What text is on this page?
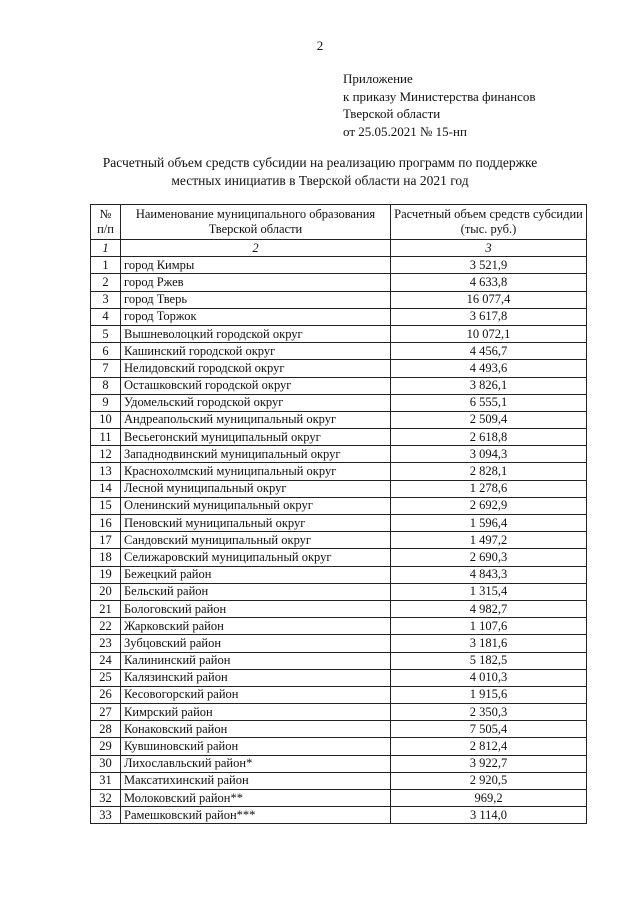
2
Приложение
к приказу Министерства финансов
Тверской области
от 25.05.2021 № 15-нп
Расчетный объем средств субсидии на реализацию программ по поддержке
местных инициатив в Тверской области на 2021 год
№ п/п	Наименование муниципального образования Тверской области	Расчетный объем средств субсидии (тыс. руб.)
1	2	3
1	город Кимры	3 521,9
2	город Ржев	4 633,8
3	город Тверь	16 077,4
4	город Торжок	3 617,8
5	Вышневолоцкий городской округ	10 072,1
6	Кашинский городской округ	4 456,7
7	Нелидовский городской округ	4 493,6
8	Осташковский городской округ	3 826,1
9	Удомельский городской округ	6 555,1
10	Андреапольский муниципальный округ	2 509,4
11	Весьегонский муниципальный округ	2 618,8
12	Западнодвинский муниципальный округ	3 094,3
13	Краснохолмский муниципальный округ	2 828,1
14	Лесной муниципальный округ	1 278,6
15	Оленинский муниципальный округ	2 692,9
16	Пеновский муниципальный округ	1 596,4
17	Сандовский муниципальный округ	1 497,2
18	Селижаровский муниципальный округ	2 690,3
19	Бежецкий район	4 843,3
20	Бельский район	1 315,4
21	Бологовский район	4 982,7
22	Жарковский район	1 107,6
23	Зубцовский район	3 181,6
24	Калининский район	5 182,5
25	Калязинский район	4 010,3
26	Кесовогорский район	1 915,6
27	Кимрский район	2 350,3
28	Конаковский район	7 505,4
29	Кувшиновский район	2 812,4
30	Лихославльский район*	3 922,7
31	Максатихинский район	2 920,5
32	Молоковский район**	969,2
33	Рамешковский район***	3 114,0
